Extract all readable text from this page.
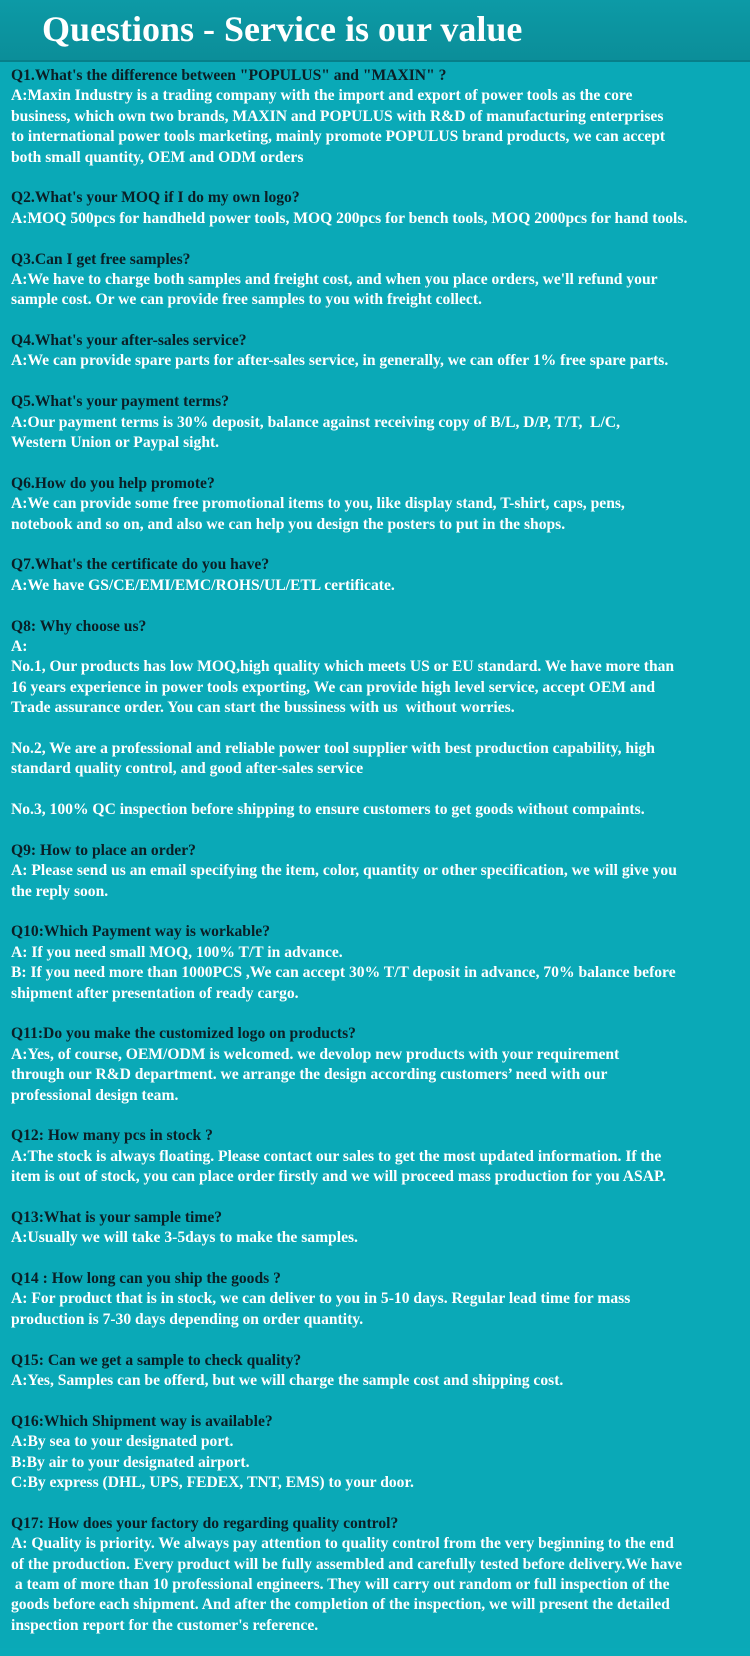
Questions - Service is our value
Q1.What's the difference between "POPULUS" and "MAXIN" ?
A:Maxin Industry is a trading company with the import and export of power tools as the core
business, which own two brands, MAXIN and POPULUS with R&D of manufacturing enterprises
to international power tools marketing, mainly promote POPULUS brand products, we can accept
both small quantity, OEM and ODM orders
Q2.What's your MOQ if I do my own logo?
A:MOQ 500pcs for handheld power tools, MOQ 200pcs for bench tools, MOQ 2000pcs for hand tools.
Q3.Can I get free samples?
A:We have to charge both samples and freight cost, and when you place orders, we'll refund your
sample cost. Or we can provide free samples to you with freight collect.
Q4.What's your after-sales service?
A:We can provide spare parts for after-sales service, in generally, we can offer 1% free spare parts.
Q5.What's your payment terms?
A:Our payment terms is 30% deposit, balance against receiving copy of B/L, D/P, T/T,  L/C,
Western Union or Paypal sight.
Q6.How do you help promote?
A:We can provide some free promotional items to you, like display stand, T-shirt, caps, pens,
notebook and so on, and also we can help you design the posters to put in the shops.
Q7.What's the certificate do you have?
A:We have GS/CE/EMI/EMC/ROHS/UL/ETL certificate.
Q8: Why choose us?
A:
No.1, Our products has low MOQ,high quality which meets US or EU standard. We have more than
16 years experience in power tools exporting, We can provide high level service, accept OEM and
Trade assurance order. You can start the bussiness with us  without worries.
No.2, We are a professional and reliable power tool supplier with best production capability, high
standard quality control, and good after-sales service
No.3, 100% QC inspection before shipping to ensure customers to get goods without compaints.
Q9: How to place an order?
A: Please send us an email specifying the item, color, quantity or other specification, we will give you
the reply soon.
Q10:Which Payment way is workable?
A: If you need small MOQ, 100% T/T in advance.
B: If you need more than 1000PCS ,We can accept 30% T/T deposit in advance, 70% balance before
shipment after presentation of ready cargo.
Q11:Do you make the customized logo on products?
A:Yes, of course, OEM/ODM is welcomed. we devolop new products with your requirement
through our R&D department. we arrange the design according customers’ need with our
professional design team.
Q12: How many pcs in stock ?
A:The stock is always floating. Please contact our sales to get the most updated information. If the
item is out of stock, you can place order firstly and we will proceed mass production for you ASAP.
Q13:What is your sample time?
A:Usually we will take 3-5days to make the samples.
Q14 : How long can you ship the goods ?
A: For product that is in stock, we can deliver to you in 5-10 days. Regular lead time for mass
production is 7-30 days depending on order quantity.
Q15: Can we get a sample to check quality?
A:Yes, Samples can be offerd, but we will charge the sample cost and shipping cost.
Q16:Which Shipment way is available?
A:By sea to your designated port.
B:By air to your designated airport.
C:By express (DHL, UPS, FEDEX, TNT, EMS) to your door.
Q17: How does your factory do regarding quality control?
A: Quality is priority. We always pay attention to quality control from the very beginning to the end
of the production. Every product will be fully assembled and carefully tested before delivery.We have
a team of more than 10 professional engineers. They will carry out random or full inspection of the
goods before each shipment. And after the completion of the inspection, we will present the detailed
inspection report for the customer's reference.
